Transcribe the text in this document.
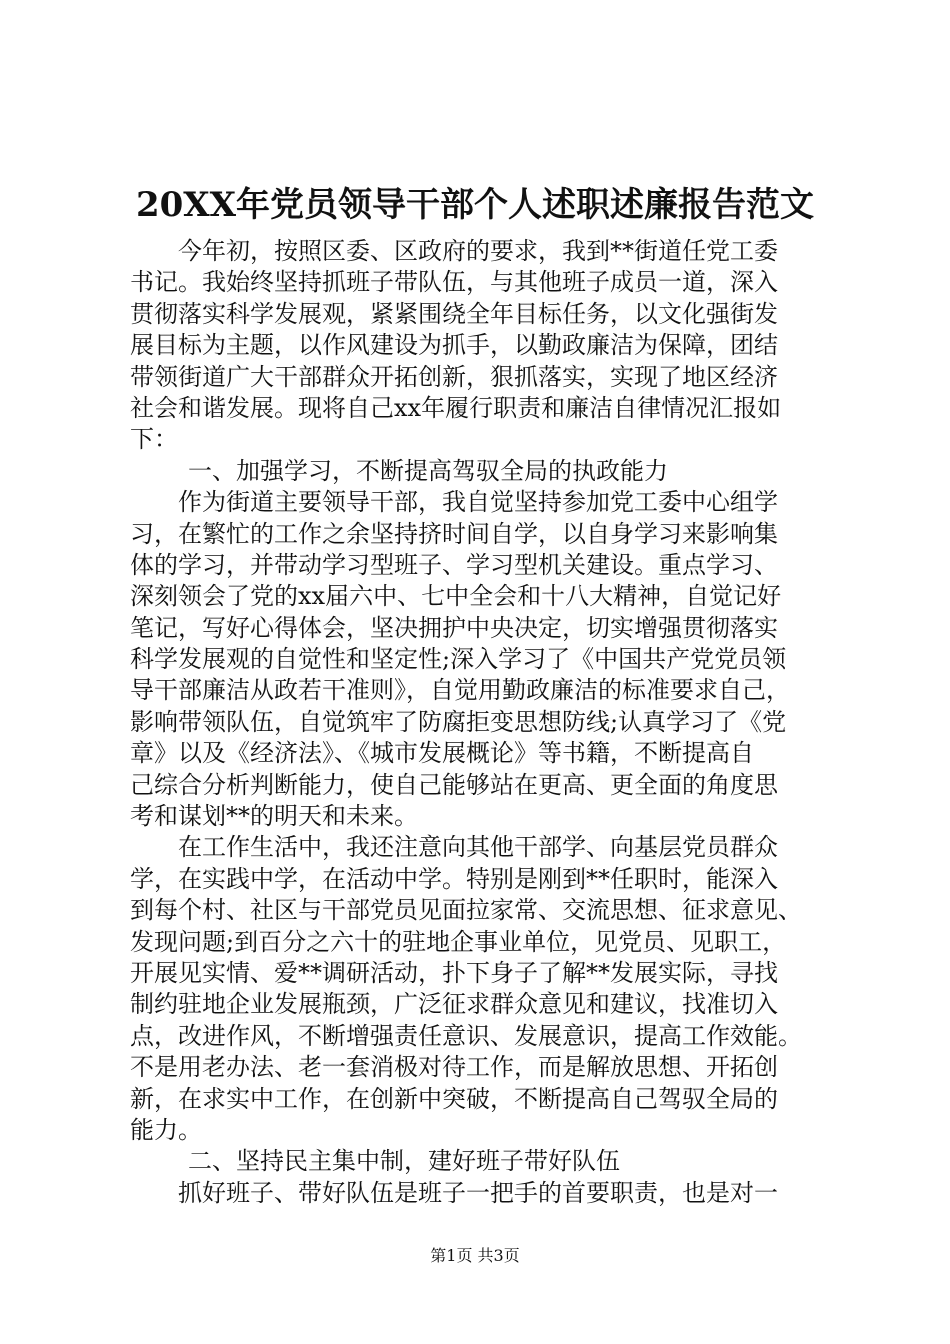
20XX年党员领导干部个人述职述廉报告范文
今年初，按照区委、区政府的要求，我到**街道任党工委
书记。我始终坚持抓班子带队伍，与其他班子成员一道，深入
贯彻落实科学发展观，紧紧围绕全年目标任务，以文化强街发
展目标为主题，以作风建设为抓手，以勤政廉洁为保障，团结
带领街道广大干部群众开拓创新，狠抓落实，实现了地区经济
社会和谐发展。现将自己xx年履行职责和廉洁自律情况汇报如
下：
一、加强学习，不断提高驾驭全局的执政能力
作为街道主要领导干部，我自觉坚持参加党工委中心组学
习，在繁忙的工作之余坚持挤时间自学，以自身学习来影响集
体的学习，并带动学习型班子、学习型机关建设。重点学习、
深刻领会了党的xx届六中、七中全会和十八大精神，自觉记好
笔记，写好心得体会，坚决拥护中央决定，切实增强贯彻落实
科学发展观的自觉性和坚定性;深入学习了《中国共产党党员领
导干部廉洁从政若干准则》，自觉用勤政廉洁的标准要求自己，
影响带领队伍，自觉筑牢了防腐拒变思想防线;认真学习了《党
章》以及《经济法》、《城市发展概论》等书籍，不断提高自
己综合分析判断能力，使自己能够站在更高、更全面的角度思
考和谋划**的明天和未来。
在工作生活中，我还注意向其他干部学、向基层党员群众
学，在实践中学，在活动中学。特别是刚到**任职时，能深入
到每个村、社区与干部党员见面拉家常、交流思想、征求意见、
发现问题;到百分之六十的驻地企事业单位，见党员、见职工，
开展见实情、爱**调研活动，扑下身子了解**发展实际，寻找
制约驻地企业发展瓶颈，广泛征求群众意见和建议，找准切入
点，改进作风，不断增强责任意识、发展意识，提高工作效能。
不是用老办法、老一套消极对待工作，而是解放思想、开拓创
新，在求实中工作，在创新中突破，不断提高自己驾驭全局的
能力。
二、坚持民主集中制，建好班子带好队伍
抓好班子、带好队伍是班子一把手的首要职责，也是对一
第1页 共3页
